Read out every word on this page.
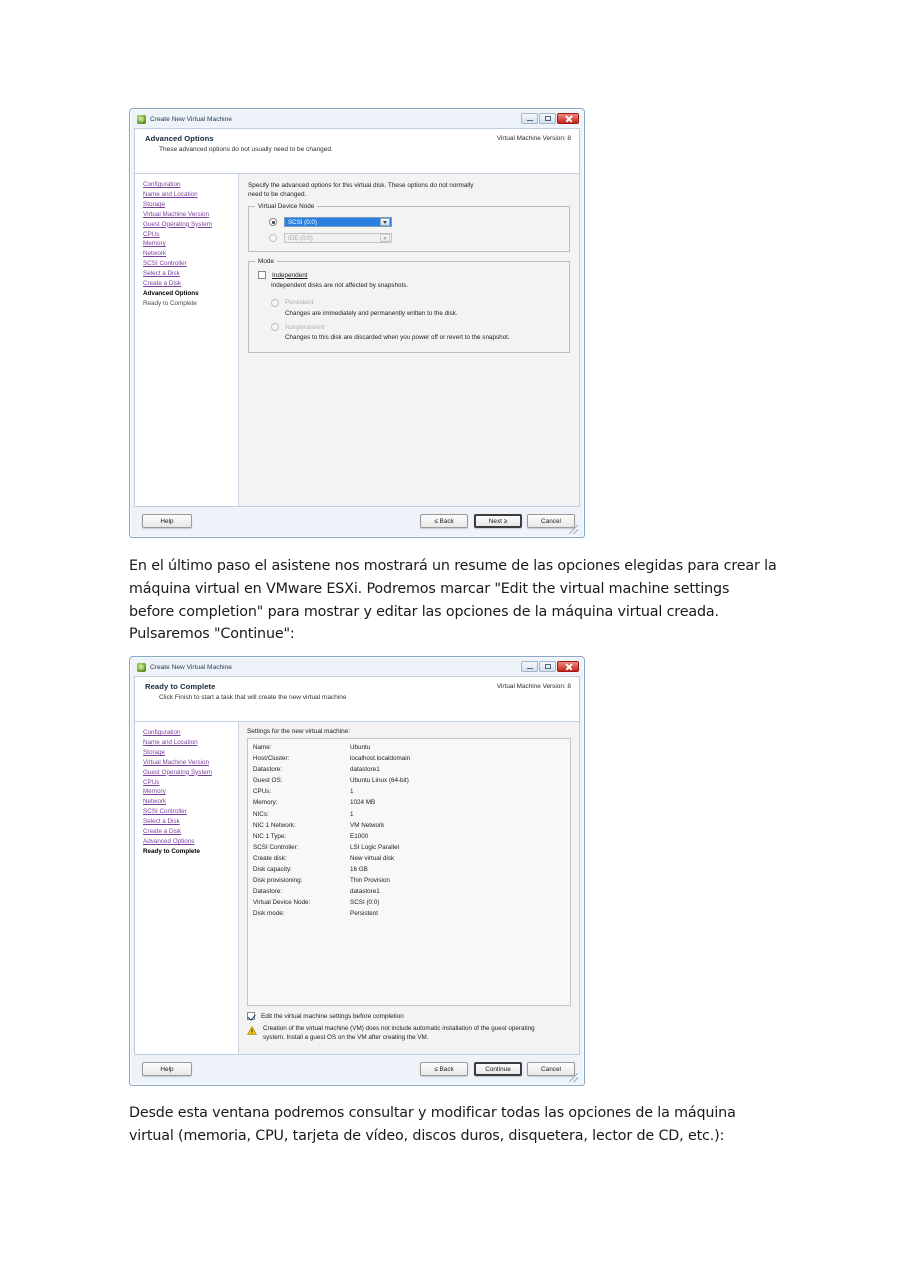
Create New Virtual Machine
Advanced Options
These advanced options do not usually need to be changed.
Virtual Machine Version: 8
Configuration
Name and Location
Storage
Virtual Machine Version
Guest Operating System
CPUs
Memory
Network
SCSI Controller
Select a Disk
Create a Disk
Advanced Options
Ready to Complete
Specify the advanced options for this virtual disk. These options do not normally need to be changed.
Virtual Device Node
SCSI (0:0)
IDE (0:0)
Mode
Independent
Independent disks are not affected by snapshots.
Persistent
Changes are immediately and permanently written to the disk.
Nonpersistent
Changes to this disk are discarded when you power off or revert to the snapshot.
Help	≤ Back	Next ≥	Cancel
En el último paso el asistene nos mostrará un resume de las opciones elegidas para crear la máquina virtual en VMware ESXi. Podremos marcar "Edit the virtual machine settings before completion" para mostrar y editar las opciones de la máquina virtual creada. Pulsaremos "Continue":
Create New Virtual Machine
Ready to Complete
Click Finish to start a task that will create the new virtual machine
Virtual Machine Version: 8
Configuration
Name and Location
Storage
Virtual Machine Version
Guest Operating System
CPUs
Memory
Network
SCSI Controller
Select a Disk
Create a Disk
Advanced Options
Ready to Complete
Settings for the new virtual machine:
Name:	Ubuntu
Host/Cluster:	localhost.localdomain
Datastore:	datastore1
Guest OS:	Ubuntu Linux (64-bit)
CPUs:	1
Memory:	1024 MB
NICs:	1
NIC 1 Network:	VM Network
NIC 1 Type:	E1000
SCSI Controller:	LSI Logic Parallel
Create disk:	New virtual disk
Disk capacity:	16 GB
Disk provisioning:	Thin Provision
Datastore:	datastore1
Virtual Device Node:	SCSI (0:0)
Disk mode:	Persistent
Edit the virtual machine settings before completion
Creation of the virtual machine (VM) does not include automatic installation of the guest operating system. Install a guest OS on the VM after creating the VM.
Help	≤ Back	Continue	Cancel
Desde esta ventana podremos consultar y modificar todas las opciones de la máquina virtual (memoria, CPU, tarjeta de vídeo, discos duros, disquetera, lector de CD, etc.):
